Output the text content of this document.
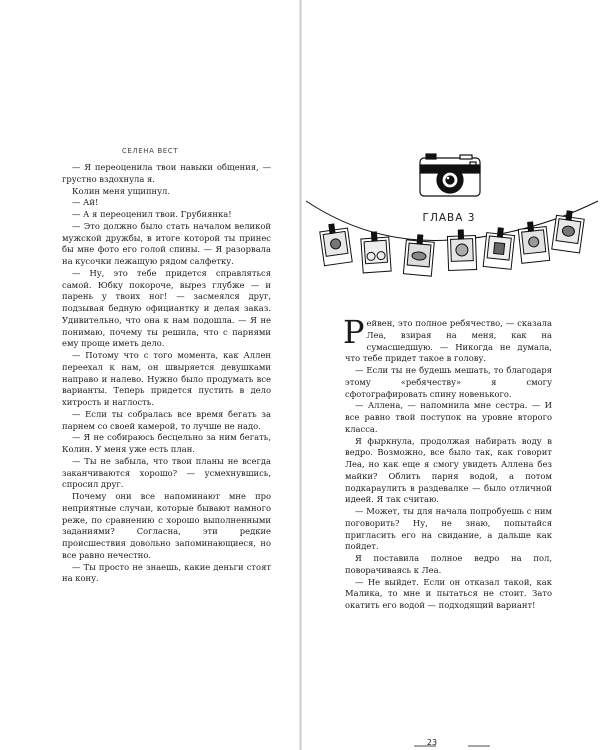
СЕЛЕНА ВЕСТ

— Я переоценила твои навыки общения, — грустно вздохнула я.

Колин меня ущипнул.

— Ай!

— А я переоценил твои. Грубиянка!

— Это должно было стать началом великой мужской дружбы, в итоге которой ты принес бы мне фото его голой спины. — Я разорвала на кусочки лежащую рядом салфетку.

— Ну, это тебе придется справляться самой. Юбку покороче, вырез глубже — и парень у твоих ног! — засмеялся друг, подзывая бедную официантку и делая заказ. Удивительно, что она к нам подошла. — Я не понимаю, почему ты решила, что с парнями ему проще иметь дело.

— Потому что с того момента, как Аллен переехал к нам, он швыряется девушками направо и налево. Нужно было продумать все варианты. Теперь придется пустить в дело хитрость и наглость.

— Если ты собралась все время бегать за парнем со своей камерой, то лучше не надо.

— Я не собираюсь бесцельно за ним бегать, Колин. У меня уже есть план.

— Ты не забыла, что твои планы не всегда заканчиваются хорошо? — усмехнувшись, спросил друг.

Почему они все напоминают мне про неприятные случаи, которые бывают намного реже, по сравнению с хорошо выполненными заданиями? Согласна, эти редкие происшествия довольно запоминающиеся, но все равно нечестно.

— Ты просто не знаешь, какие деньги стоят на кону.

ГЛАВА 3

Рейвен, это полное ребячество, — сказала Леа, взирая на меня, как на сумасшедшую. — Никогда не думала, что тебе придет такое в голову.

— Если ты не будешь мешать, то благодаря этому «ребячеству» я смогу сфотографировать спину новенького.

— Аллена, — напомнила мне сестра. — И все равно твой поступок на уровне второго класса.

Я фыркнула, продолжая набирать воду в ведро. Возможно, все было так, как говорит Леа, но как еще я смогу увидеть Аллена без майки? Облить парня водой, а потом подкараулить в раздевалке — было отличной идеей. Я так считаю.

— Может, ты для начала попробуешь с ним поговорить? Ну, не знаю, попытайся пригласить его на свидание, а дальше как пойдет.

Я поставила полное ведро на пол, поворачиваясь к Леа.

— Не выйдет. Если он отказал такой, как Малика, то мне и пытаться не стоит. Зато окатить его водой — подходящий вариант!

23
